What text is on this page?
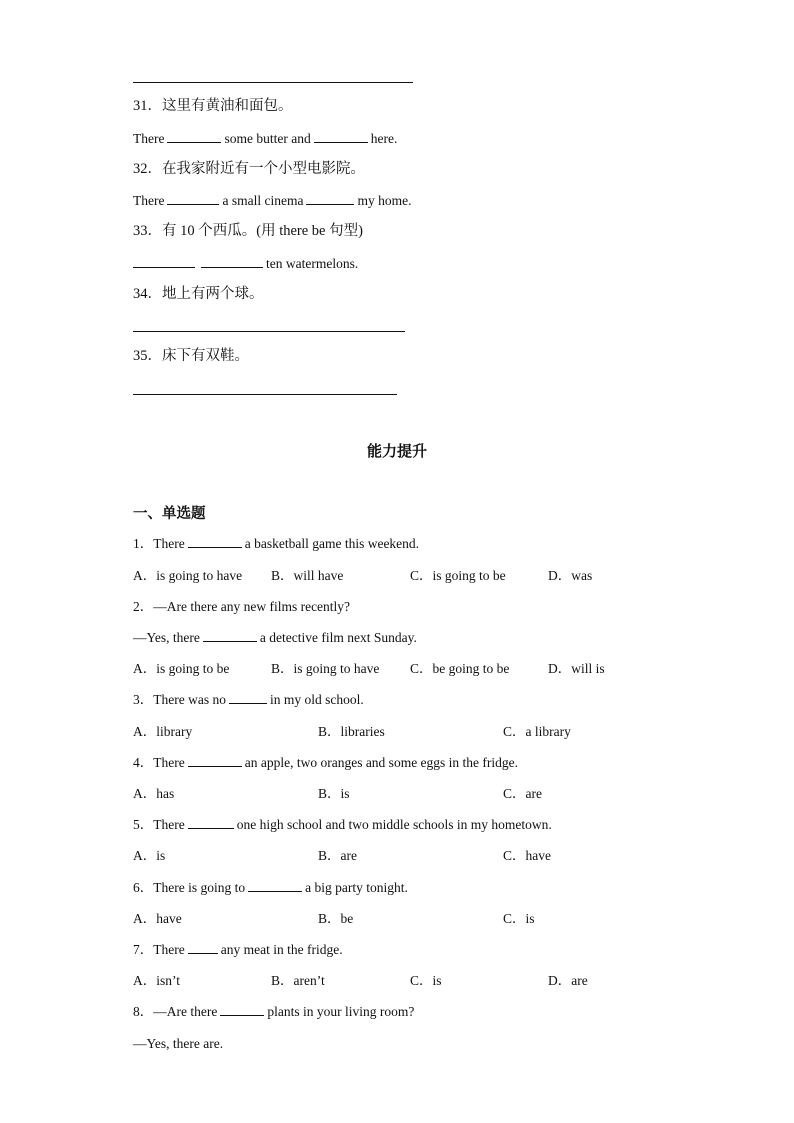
31．这里有黄油和面包。
There	some butter and	here.
32．在我家附近有一个小型电影院。
There	a small cinema	my home.
33．有 10 个西瓜。(用 there be 句型)
ten watermelons.
34．地上有两个球。
35．床下有双鞋。
能力提升
一、单选题
1．There	a basketball game this weekend.
A．is going to have B．will have	C．is going to be	D．was
2．—Are there any new films recently?
—Yes, there	a detective film next Sunday.
A．is going to be	B．is going to have C．be going to be	D．will is
3．There was no	in my old school.
A．library	B．libraries	C．a library
4．There	an apple, two oranges and some eggs in the fridge.
A．has	B．is	C．are
5．There	one high school and two middle schools in my hometown.
A．is	B．are	C．have
6．There is going to	a big party tonight.
A．have	B．be	C．is
7．There	any meat in the fridge.
A．isn’t	B．aren’t	C．is	D．are
8．—Are there	plants in your living room?
—Yes, there are.
